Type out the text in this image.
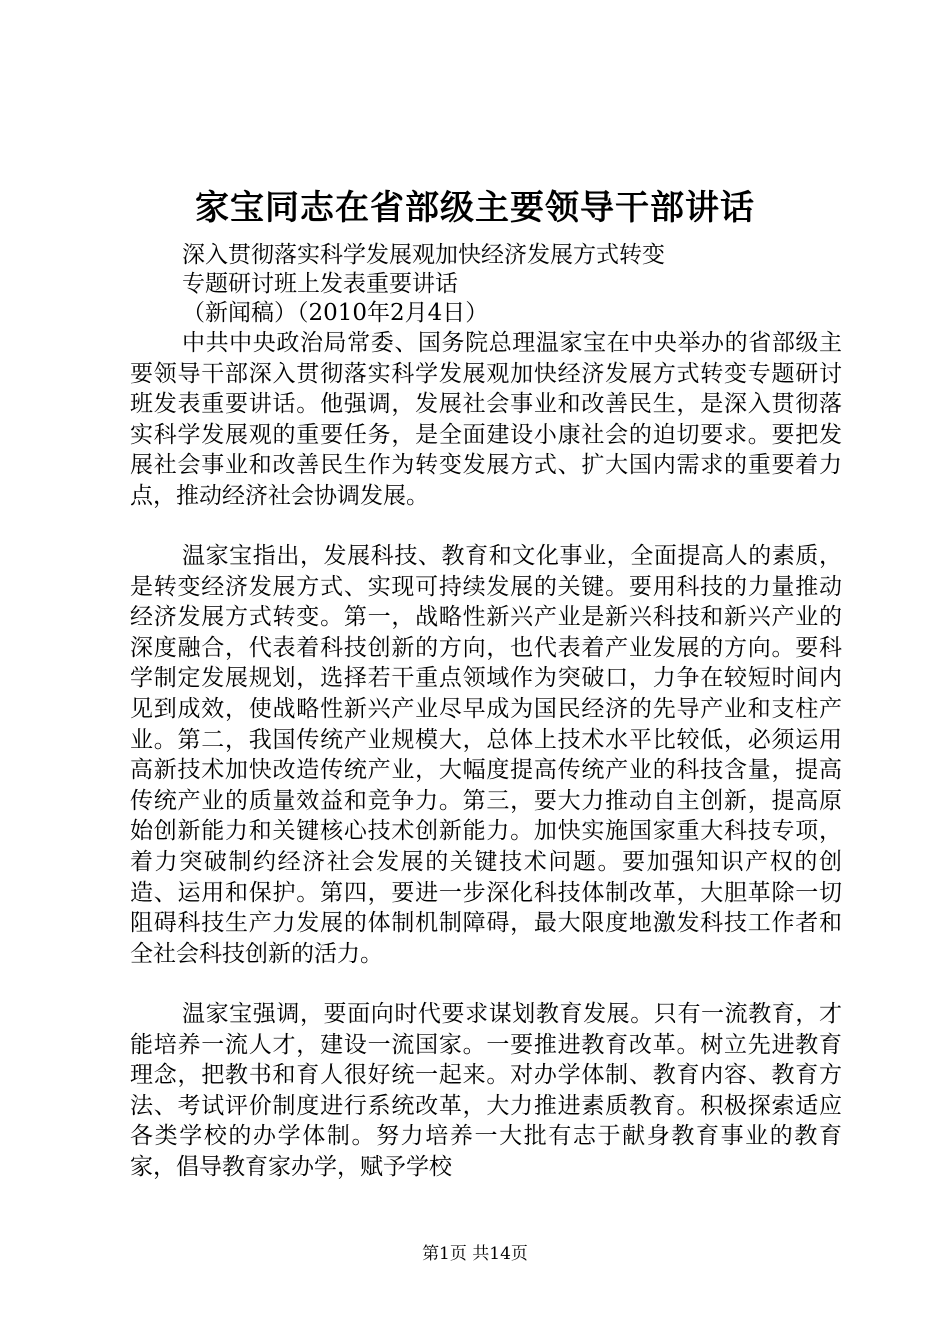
家宝同志在省部级主要领导干部讲话

深入贯彻落实科学发展观加快经济发展方式转变

专题研讨班上发表重要讲话

（新闻稿）（2010年2月4日）

中共中央政治局常委、国务院总理温家宝在中央举办的省部级主要领导干部深入贯彻落实科学发展观加快经济发展方式转变专题研讨班发表重要讲话。他强调，发展社会事业和改善民生，是深入贯彻落实科学发展观的重要任务，是全面建设小康社会的迫切要求。要把发展社会事业和改善民生作为转变发展方式、扩大国内需求的重要着力点，推动经济社会协调发展。

温家宝指出，发展科技、教育和文化事业，全面提高人的素质，是转变经济发展方式、实现可持续发展的关键。要用科技的力量推动经济发展方式转变。第一，战略性新兴产业是新兴科技和新兴产业的深度融合，代表着科技创新的方向，也代表着产业发展的方向。要科学制定发展规划，选择若干重点领域作为突破口，力争在较短时间内见到成效，使战略性新兴产业尽早成为国民经济的先导产业和支柱产业。第二，我国传统产业规模大，总体上技术水平比较低，必须运用高新技术加快改造传统产业，大幅度提高传统产业的科技含量，提高传统产业的质量效益和竞争力。第三，要大力推动自主创新，提高原始创新能力和关键核心技术创新能力。加快实施国家重大科技专项，着力突破制约经济社会发展的关键技术问题。要加强知识产权的创造、运用和保护。第四，要进一步深化科技体制改革，大胆革除一切阻碍科技生产力发展的体制机制障碍，最大限度地激发科技工作者和全社会科技创新的活力。

温家宝强调，要面向时代要求谋划教育发展。只有一流教育，才能培养一流人才，建设一流国家。一要推进教育改革。树立先进教育理念，把教书和育人很好统一起来。对办学体制、教育内容、教育方法、考试评价制度进行系统改革，大力推进素质教育。积极探索适应各类学校的办学体制。努力培养一大批有志于献身教育事业的教育家，倡导教育家办学，赋予学校

第1页 共14页
